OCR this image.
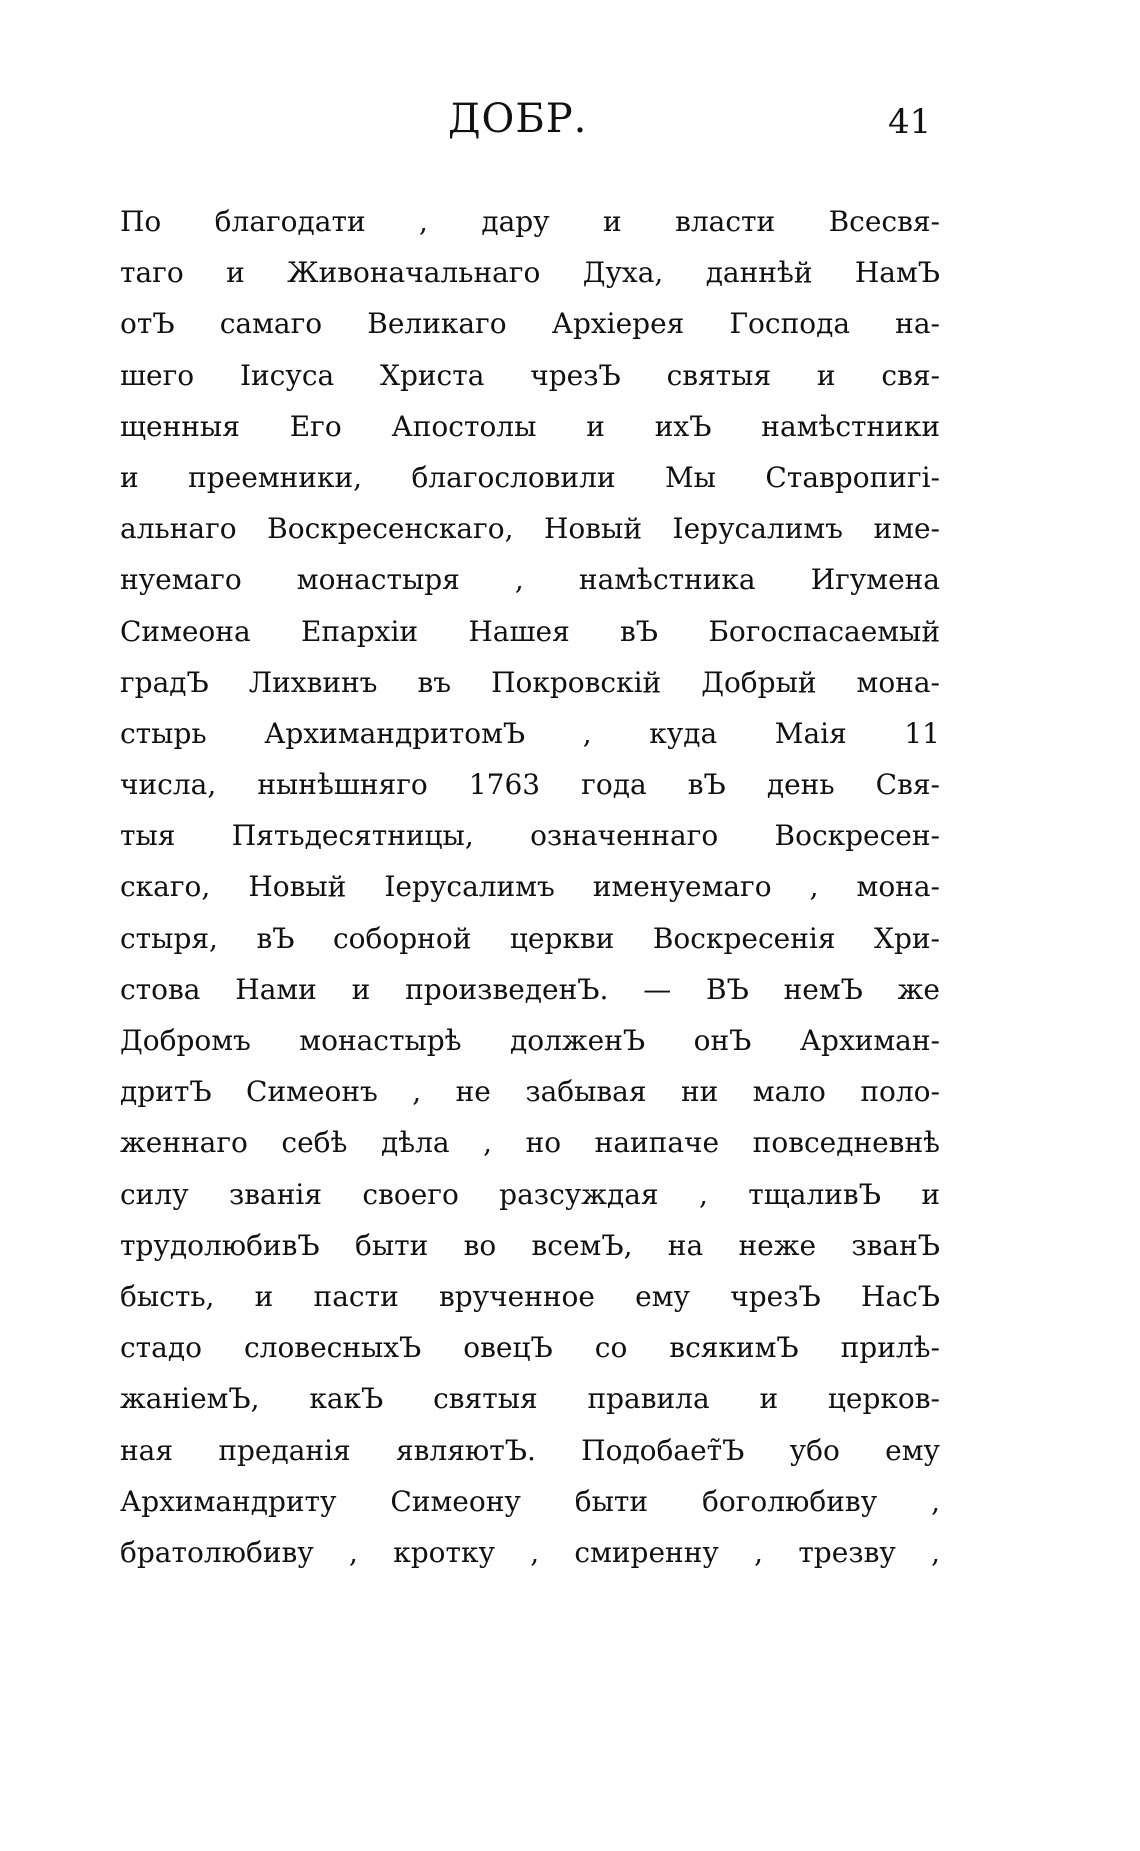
ДОБР.	41
По благодати , дару и власти Всесвя-
таго и Живоначальнаго Духа, даннѣй НамЪ
отЪ самаго Великаго Архіерея Господа на-
шего Іисуса Христа чрезЪ святыя и свя-
щенныя Его Апостолы и ихЪ намѣстники
и преемники, благословили Мы Ставропигі-
альнаго Воскресенскаго, Новый Іерусалимъ име-
нуемаго монастыря , намѣстника Игумена
Симеона Епархіи Нашея вЪ Богоспасаемый
градЪ Лихвинъ въ Покровскій Добрый мона-
стырь АрхимандритомЪ , куда Маія 11
числа, нынѣшняго 1763 года вЪ день Свя-
тыя Пятьдесятницы, означеннаго Воскресен-
скаго, Новый Іерусалимъ именуемаго , мона-
стыря, вЪ соборной церкви Воскресенія Хри-
стова Нами и произведенЪ. — ВЪ немЪ же
Добромъ монастырѣ долженЪ онЪ Архиман-
дритЪ Симеонъ , не забывая ни мало поло-
женнаго себѣ дѣла , но наипаче повседневнѣ
силу званія своего разсуждая , тщаливЪ и
трудолюбивЪ быти во всемЪ, на неже званЪ
бысть, и пасти врученное ему чрезЪ НасЪ
стадо словесныхЪ овецЪ со всякимЪ прилѣ-
жаніемЪ, какЪ святыя правила и церков-
ная преданія являютЪ. Подобает̃Ъ убо ему
Архимандриту Симеону быти боголюбиву ,
братолюбиву , кротку , смиренну , трезву ,
